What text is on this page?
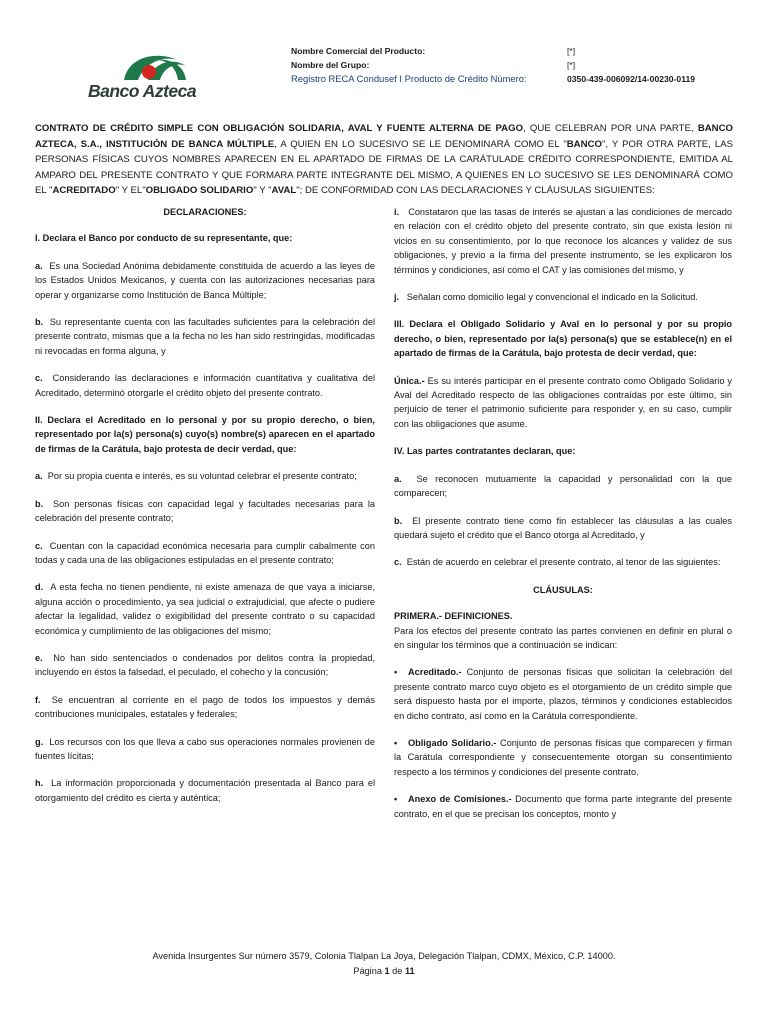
Banco Azteca
Nombre Comercial del Producto:	[*]
Nombre del Grupo:	[*]
Registro RECA Condusef I Producto de Crédito Número:	0350-439-006092/14-00230-0119
CONTRATO DE CRÉDITO SIMPLE CON OBLIGACIÓN SOLIDARIA, AVAL Y FUENTE ALTERNA DE PAGO, QUE CELEBRAN POR UNA PARTE, BANCO AZTECA, S.A., INSTITUCIÓN DE BANCA MÚLTIPLE, A QUIEN EN LO SUCESIVO SE LE DENOMINARÁ COMO EL "BANCO", Y POR OTRA PARTE, LAS PERSONAS FÍSICAS CUYOS NOMBRES APARECEN EN EL APARTADO DE FIRMAS DE LA CARÁTULADE CRÉDITO CORRESPONDIENTE, EMITIDA AL AMPARO DEL PRESENTE CONTRATO Y QUE FORMARA PARTE INTEGRANTE DEL MISMO, A QUIENES EN LO SUCESIVO SE LES DENOMINARÁ COMO EL "ACREDITADO" Y EL"OBLIGADO SOLIDARIO" Y "AVAL"; DE CONFORMIDAD CON LAS DECLARACIONES Y CLÁUSULAS SIGUIENTES:

DECLARACIONES:

I. Declara el Banco por conducto de su representante, que:

a. Es una Sociedad Anónima debidamente constituida de acuerdo a las leyes de los Estados Unidos Mexicanos, y cuenta con las autorizaciones necesarias para operar y organizarse como Institución de Banca Múltiple;

b. Su representante cuenta con las facultades suficientes para la celebración del presente contrato, mismas que a la fecha no les han sido restringidas, modificadas ni revocadas en forma alguna, y

c. Considerando las declaraciones e información cuantitativa y cualitativa del Acreditado, determinó otorgarle el crédito objeto del presente contrato.

II. Declara el Acreditado en lo personal y por su propio derecho, o bien, representado por la(s) persona(s) cuyo(s) nombre(s) aparecen en el apartado de firmas de la Carátula, bajo protesta de decir verdad, que:

a. Por su propia cuenta e interés, es su voluntad celebrar el presente contrato;

b. Son personas físicas con capacidad legal y facultades necesarias para la celebración del presente contrato;

c. Cuentan con la capacidad económica necesaria para cumplir cabalmente con todas y cada una de las obligaciones estipuladas en el presente contrato;

d. A esta fecha no tienen pendiente, ni existe amenaza de que vaya a iniciarse, alguna acción o procedimiento, ya sea judicial o extrajudicial, que afecte o pudiere afectar la legalidad, validez o exigibilidad del presente contrato o su capacidad económica y cumplimiento de las obligaciones del mismo;

e. No han sido sentenciados o condenados por delitos contra la propiedad, incluyendo en éstos la falsedad, el peculado, el cohecho y la concusión;

f. Se encuentran al corriente en el pago de todos los impuestos y demás contribuciones municipales, estatales y federales;

g. Los recursos con los que lleva a cabo sus operaciones normales provienen de fuentes lícitas;

h. La información proporcionada y documentación presentada al Banco para el otorgamiento del crédito es cierta y auténtica;

i. Constataron que las tasas de interés se ajustan a las condiciones de mercado en relación con el crédito objeto del presente contrato, sin que exista lesión ni vicios en su consentimiento, por lo que reconoce los alcances y validez de sus obligaciones, y previo a la firma del presente instrumento, se les explicaron los términos y condiciones, así como el CAT y las comisiones del mismo, y

j. Señalan como domicilio legal y convencional el indicado en la Solicitud.

III. Declara el Obligado Solidario y Aval en lo personal y por su propio derecho, o bien, representado por la(s) persona(s) que se establece(n) en el apartado de firmas de la Carátula, bajo protesta de decir verdad, que:

Única.- Es su interés participar en el presente contrato como Obligado Solidario y Aval del Acreditado respecto de las obligaciones contraídas por este último, sin perjuicio de tener el patrimonio suficiente para responder y, en su caso, cumplir con las obligaciones que asume.

IV. Las partes contratantes declaran, que:

a. Se reconocen mutuamente la capacidad y personalidad con la que comparecen;

b. El presente contrato tiene como fin establecer las cláusulas a las cuales quedará sujeto el crédito que el Banco otorga al Acreditado, y

c. Están de acuerdo en celebrar el presente contrato, al tenor de las siguientes:

CLÁUSULAS:

PRIMERA.- DEFINICIONES.

Para los efectos del presente contrato las partes convienen en definir en plural o en singular los términos que a continuación se indican:

• Acreditado.- Conjunto de personas físicas que solicitan la celebración del presente contrato marco cuyo objeto es el otorgamiento de un crédito simple que será dispuesto hasta por el importe, plazos, términos y condiciones establecidos en dicho contrato, así como en la Carátula correspondiente.

• Obligado Solidario.- Conjunto de personas físicas que comparecen y firman la Carátula correspondiente y consecuentemente otorgan su consentimiento respecto a los términos y condiciones del presente contrato.

• Anexo de Comisiones.- Documento que forma parte integrante del presente contrato, en el que se precisan los conceptos, monto y

Avenida Insurgentes Sur número 3579, Colonia Tlalpan La Joya, Delegación Tlalpan, CDMX, México, C.P. 14000.
Página 1 de 11
